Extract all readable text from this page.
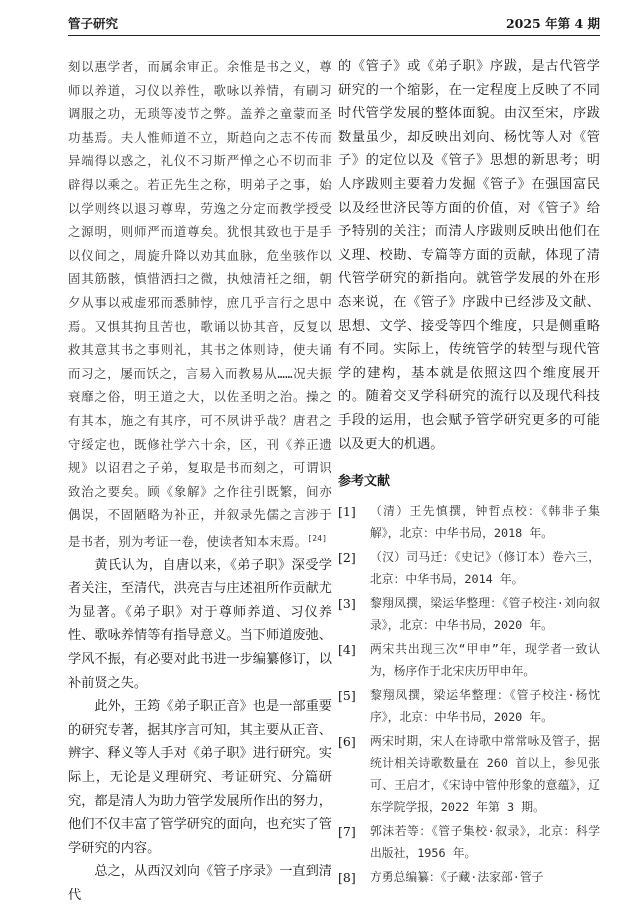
管子研究	2025 年第 4 期

刻以惠学者，而属余审正。余惟是书之义，尊师以养道，习仪以养性，歌咏以养情，有刷习调服之功，无琐等凌节之弊。盖养之童蒙而圣功基焉。夫人惟师道不立，斯趋向之志不传而异端得以惑之，礼仪不习斯严惮之心不切而非辟得以乘之。若正先生之称，明弟子之事，始以学则终以退习尊卑，劳逸之分定而教学授受之源明，则师严而道尊矣。犹恨其致也于是手以仪间之，周旋升降以劝其血脉，危坐骇作以固其筋骸，慎惜洒扫之微，执烛清衽之细，朝夕从事以戒虚邪而悉肺悖，庶几乎言行之思中焉。又惧其拘且苦也，歌诵以协其音，反复以救其意其书之事则礼，其书之体则诗，使夫诵而习之，屡而饫之，言易入而教易从……况夫振衰靡之俗，明王道之大，以佐圣明之治。操之有其本，施之有其序，可不夙讲乎哉？唐君之守绥定也，既修社学六十余，区，刊《养正遗规》以诏君之子弟，复取是书而刻之，可谓识致治之要矣。顾《象解》之作往引既繁，间亦偶误，不固陋略为补正，并叙录先儒之言涉于是书者，别为考证一卷，使读者知本末焉。[24]

黄氏认为，自唐以来，《弟子职》深受学者关注，至清代，洪亮吉与庄述祖所作贡献尤为显著。《弟子职》对于尊师养道、习仪养性、歌咏养情等有指导意义。当下师道废弛、学风不振，有必要对此书进一步编纂修订，以补前贤之失。

此外，王筠《弟子职正音》也是一部重要的研究专著，据其序言可知，其主要从正音、辨字、释义等人手对《弟子职》进行研究。实际上，无论是义理研究、考证研究、分篇研究，都是清人为助力管学发展所作出的努力，他们不仅丰富了管学研究的面向，也充实了管学研究的内容。

总之，从西汉刘向《管子序录》一直到清代

的《管子》或《弟子职》序跋，是古代管学研究的一个缩影，在一定程度上反映了不同时代管学发展的整体面貌。由汉至宋，序跋数量虽少，却反映出刘向、杨忱等人对《管子》的定位以及《管子》思想的新思考；明人序跋则主要着力发掘《管子》在强国富民以及经世济民等方面的价值，对《管子》给予特别的关注；而清人序跋则反映出他们在义理、校勘、专篇等方面的贡献，体现了清代管学研究的新指向。就管学发展的外在形态来说，在《管子》序跋中已经涉及文献、思想、文学、接受等四个维度，只是侧重略有不同。实际上，传统管学的转型与现代管学的建构，基本就是依照这四个维度展开的。随着交叉学科研究的流行以及现代科技手段的运用，也会赋予管学研究更多的可能以及更大的机遇。

参考文献
[1]	（清）王先慎撰，钟哲点校：《韩非子集解》，北京：中华书局，2018 年。
[2]	（汉）司马迁：《史记》（修订本）卷六三，北京：中华书局，2014 年。
[3]	黎翔凤撰，梁运华整理：《管子校注·刘向叙录》，北京：中华书局，2020 年。
[4]	两宋共出现三次“甲申”年，现学者一致认为，杨序作于北宋庆历甲申年。
[5]	黎翔凤撰，梁运华整理：《管子校注·杨忱序》，北京：中华书局，2020 年。
[6]	两宋时期，宋人在诗歌中常常咏及管子，据统计相关诗歌数量在 260 首以上，参见张可、王启才，《宋诗中管仲形象的意蕴》，辽东学院学报，2022 年第 3 期。
[7]	郭沫若等：《管子集校·叙录》，北京：科学出版社，1956 年。
[8]	方勇总编纂：《子藏·法家部·管子
